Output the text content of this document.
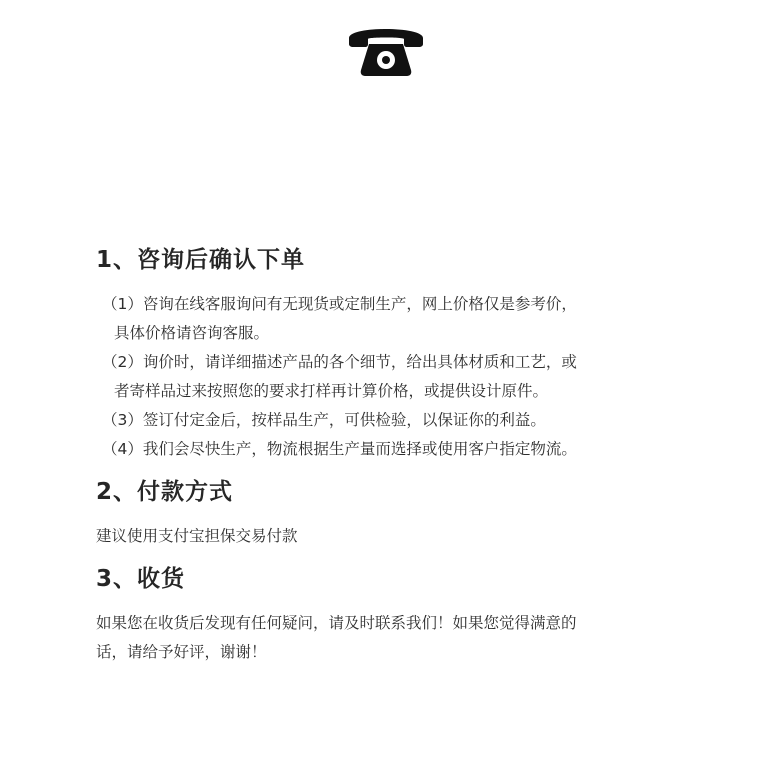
1、咨询后确认下单

（1）咨询在线客服询问有无现货或定制生产，网上价格仅是参考价，

具体价格请咨询客服。

（2）询价时，请详细描述产品的各个细节，给出具体材质和工艺，或

者寄样品过来按照您的要求打样再计算价格，或提供设计原件。

（3）签订付定金后，按样品生产，可供检验，以保证你的利益。

（4）我们会尽快生产，物流根据生产量而选择或使用客户指定物流。

2、付款方式

建议使用支付宝担保交易付款

3、收货

如果您在收货后发现有任何疑问，请及时联系我们！如果您觉得满意的

话，请给予好评，谢谢！
